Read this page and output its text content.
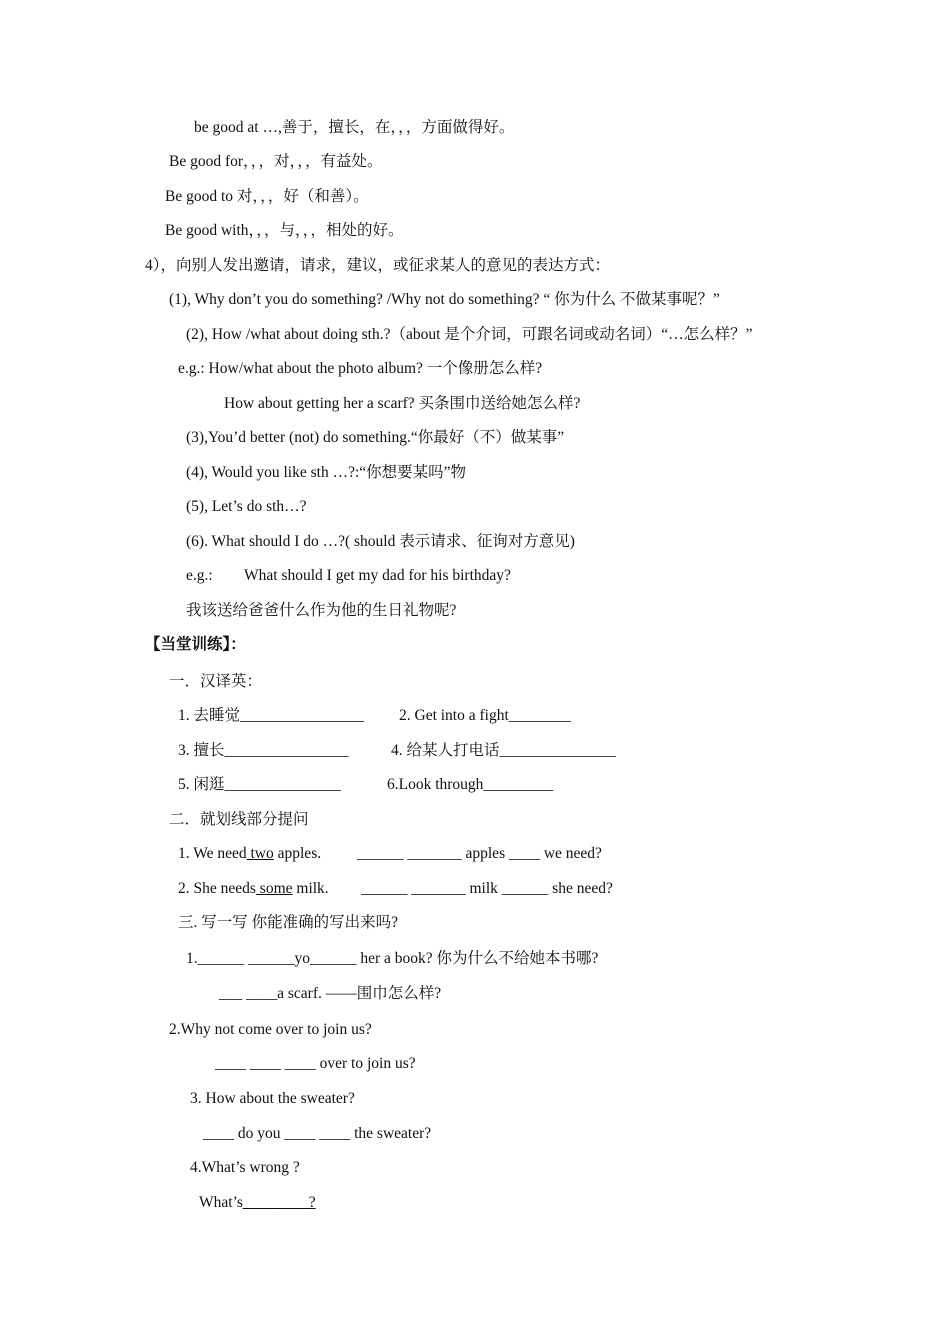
be good at …,善于，擅长，在，，，方面做得好。
Be good for，，，对，，，有益处。
Be good to 对，，，好（和善）。
Be good with，，，与，，，相处的好。
4），向别人发出邀请，请求，建议，或征求某人的意见的表达方式：
(1), Why don’t you do something? /Why not do something? “ 你为什么 不做某事呢？”
(2), How /what about doing sth.?（about 是个介词，可跟名词或动名词）“…怎么样？”
e.g.: How/what about the photo album? 一个像册怎么样?
How about getting her a scarf? 买条围巾送给她怎么样?
(3),You’d better (not) do something.“你最好（不）做某事”
(4), Would you like sth …?:“你想要某吗”物
(5), Let’s do sth…?
(6). What should I do …?( should 表示请求、征询对方意见)
e.g.: What should I get my dad for his birthday?
我该送给爸爸什么作为他的生日礼物呢?
【当堂训练】：
一．汉译英：
1. 去睡觉________________ 2. Get into a fight________
3. 擅长________________	4. 给某人打电话_______________
5. 闲逛_______________	6.Look through_________
二．就划线部分提问
1. We need two apples. ______ _______ apples ____ we need?
2. She needs some milk. ______ _______ milk ______ she need?
三. 写一写 你能准确的写出来吗?
1.______ ______yo______ her a book? 你为什么不给她本书哪?
___ ____a scarf. ——围巾怎么样?
2.Why not come over to join us?
____ ____ ____ over to join us?
3. How about the sweater?
____ do you ____ ____ the sweater?
4.What’s wrong ?
What’s____ ____?
